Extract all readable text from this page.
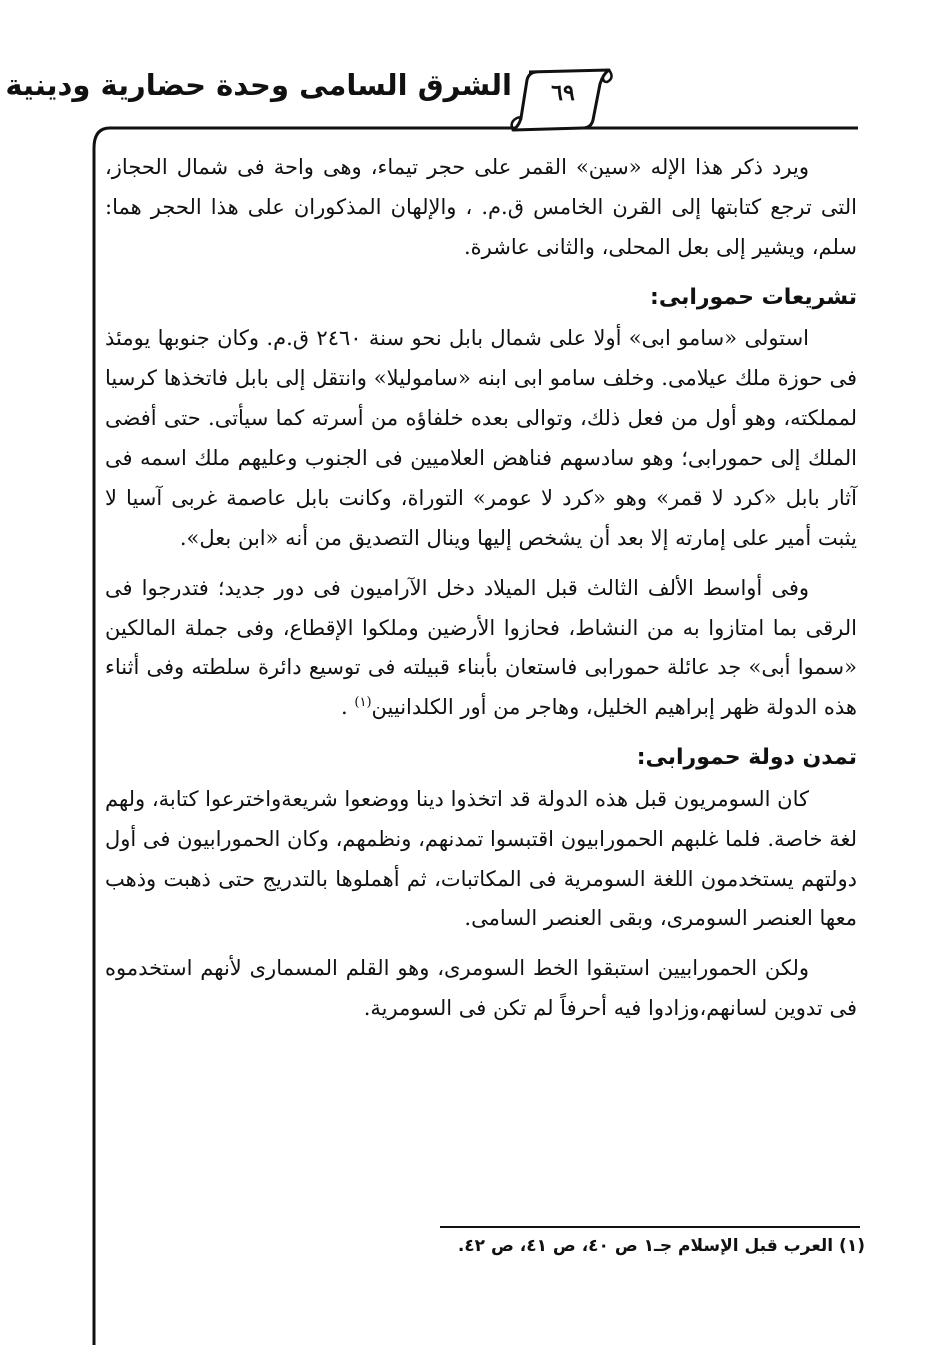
٦٩
الشرق السامى وحدة حضارية ودينية

ويرد ذكر هذا الإله «سين» القمر على حجر تيماء، وهى واحة فى شمال الحجاز، التى ترجع كتابتها إلى القرن الخامس ق.م. ، والإلهان المذكوران على هذا الحجر هما: سلم، ويشير إلى بعل المحلى، والثانى عاشرة.

تشريعات حمورابى:

استولى «سامو ابى» أولا على شمال بابل نحو سنة ٢٤٦٠ ق.م. وكان جنوبها يومئذ فى حوزة ملك عيلامى. وخلف سامو ابى ابنه «ساموليلا» وانتقل إلى بابل فاتخذها كرسيا لمملكته، وهو أول من فعل ذلك، وتوالى بعده خلفاؤه من أسرته كما سيأتى. حتى أفضى الملك إلى حمورابى؛ وهو سادسهم فناهض العلاميين فى الجنوب وعليهم ملك اسمه فى آثار بابل «كرد لا قمر» وهو «كرد لا عومر» التوراة، وكانت بابل عاصمة غربى آسيا لا يثبت أمير على إمارته إلا بعد أن يشخص إليها وينال التصديق من أنه «ابن بعل».

وفى أواسط الألف الثالث قبل الميلاد دخل الآراميون فى دور جديد؛ فتدرجوا فى الرقى بما امتازوا به من النشاط، فحازوا الأرضين وملكوا الإقطاع، وفى جملة المالكين «سموا أبى» جد عائلة حمورابى فاستعان بأبناء قبيلته فى توسيع دائرة سلطته وفى أثناء هذه الدولة ظهر إبراهيم الخليل، وهاجر من أور الكلدانيين$^{(١)}$ .

تمدن دولة حمورابى:

كان السومريون قبل هذه الدولة قد اتخذوا دينا ووضعوا شريعةواخترعوا كتابة، ولهم لغة خاصة. فلما غلبهم الحمورابيون اقتبسوا تمدنهم، ونظمهم، وكان الحمورابيون فى أول دولتهم يستخدمون اللغة السومرية فى المكاتبات، ثم أهملوها بالتدريج حتى ذهبت وذهب معها العنصر السومرى، وبقى العنصر السامى.

ولكن الحمورابيين استبقوا الخط السومرى، وهو القلم المسمارى لأنهم استخدموه فى تدوين لسانهم،وزادوا فيه أحرفاً لم تكن فى السومرية.

(١) العرب قبل الإسلام جـ١ ص ٤٠، ص ٤١، ص ٤٢.
